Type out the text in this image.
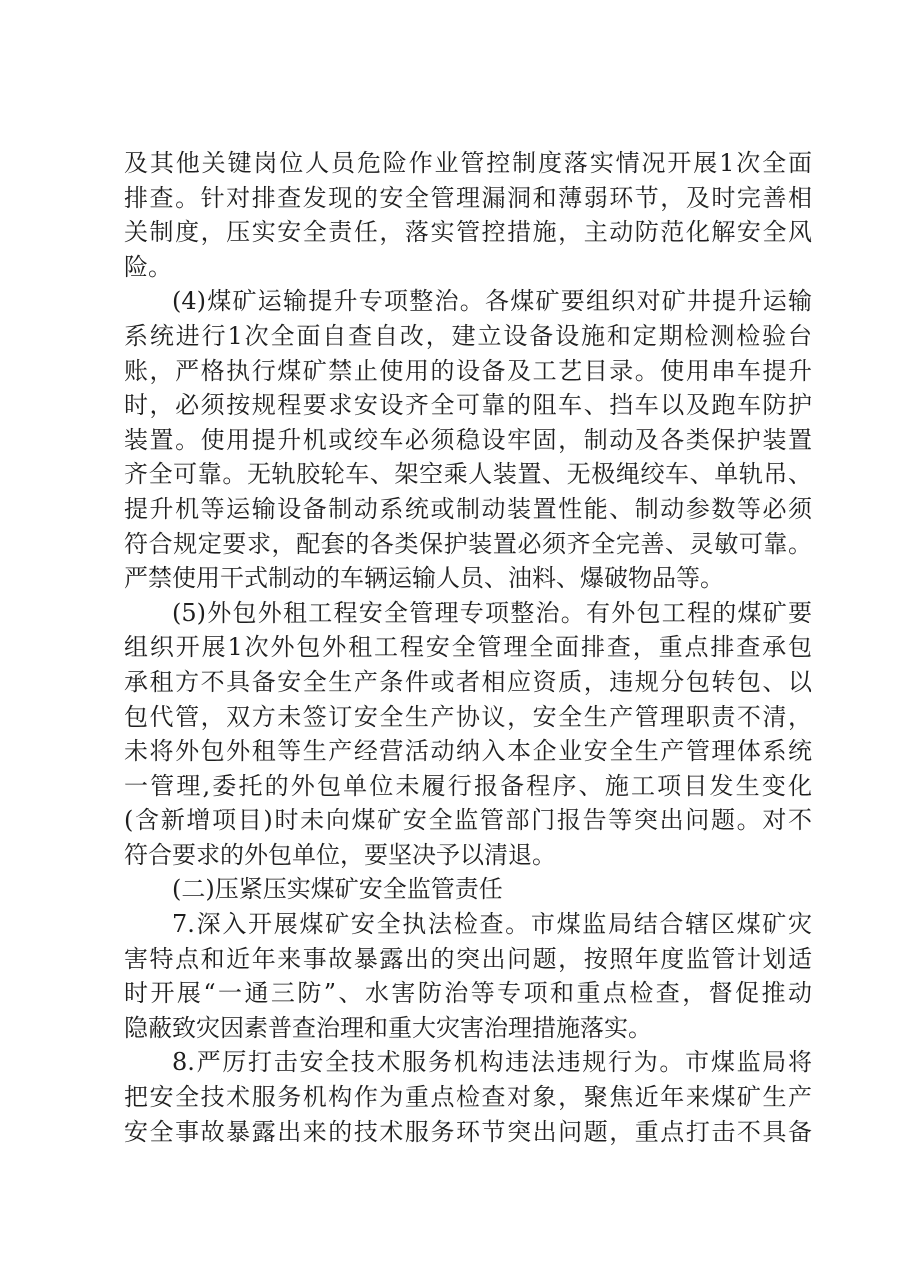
及其他关键岗位人员危险作业管控制度落实情况开展1次全面
排查。针对排查发现的安全管理漏洞和薄弱环节，及时完善相
关制度，压实安全责任，落实管控措施，主动防范化解安全风
险。
(4)煤矿运输提升专项整治。各煤矿要组织对矿井提升运输
系统进行1次全面自查自改，建立设备设施和定期检测检验台
账，严格执行煤矿禁止使用的设备及工艺目录。使用串车提升
时，必须按规程要求安设齐全可靠的阻车、挡车以及跑车防护
装置。使用提升机或绞车必须稳设牢固，制动及各类保护装置
齐全可靠。无轨胶轮车、架空乘人装置、无极绳绞车、单轨吊、
提升机等运输设备制动系统或制动装置性能、制动参数等必须
符合规定要求，配套的各类保护装置必须齐全完善、灵敏可靠。
严禁使用干式制动的车辆运输人员、油料、爆破物品等。
(5)外包外租工程安全管理专项整治。有外包工程的煤矿要
组织开展1次外包外租工程安全管理全面排查，重点排查承包
承租方不具备安全生产条件或者相应资质，违规分包转包、以
包代管，双方未签订安全生产协议，安全生产管理职责不清，
未将外包外租等生产经营活动纳入本企业安全生产管理体系统
一管理,委托的外包单位未履行报备程序、施工项目发生变化
(含新增项目)时未向煤矿安全监管部门报告等突出问题。对不
符合要求的外包单位，要坚决予以清退。
(二)压紧压实煤矿安全监管责任
7.深入开展煤矿安全执法检查。市煤监局结合辖区煤矿灾
害特点和近年来事故暴露出的突出问题，按照年度监管计划适
时开展“一通三防”、水害防治等专项和重点检查，督促推动
隐蔽致灾因素普查治理和重大灾害治理措施落实。
8.严厉打击安全技术服务机构违法违规行为。市煤监局将
把安全技术服务机构作为重点检查对象，聚焦近年来煤矿生产
安全事故暴露出来的技术服务环节突出问题，重点打击不具备
